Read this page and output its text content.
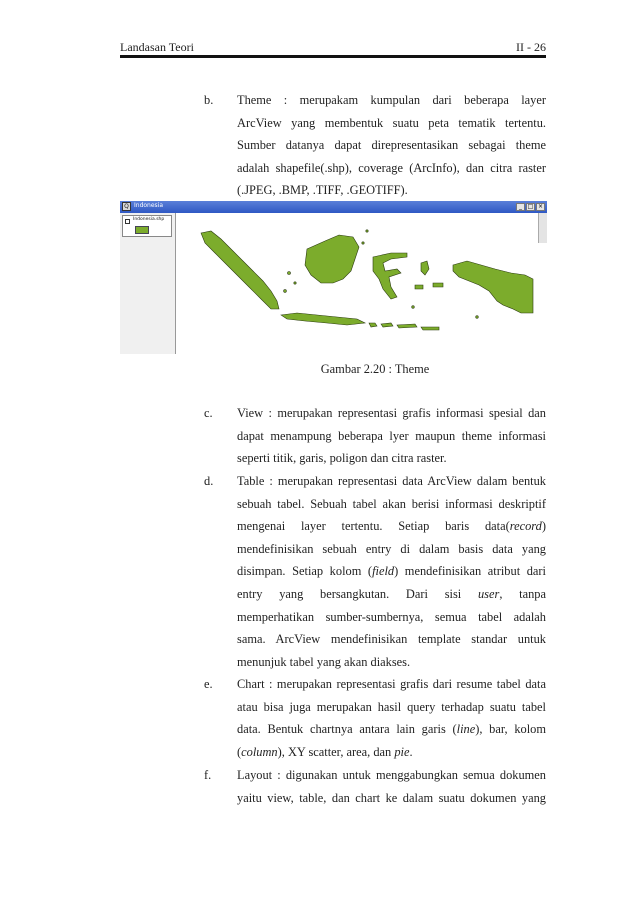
Landasan Teori	II - 26
b.	Theme : merupakam kumpulan dari beberapa layer
ArcView yang membentuk suatu peta tematik tertentu.
Sumber datanya dapat direpresentasikan sebagai theme
adalah shapefile(.shp), coverage (ArcInfo), dan citra raster
(.JPEG, .BMP, .TIFF, .GEOTIFF).
Q Indonesia	_ □ ×
Indonesia.shp
Gambar 2.20 : Theme
c.	View : merupakan representasi grafis informasi spesial dan
dapat menampung beberapa lyer maupun theme informasi
seperti titik, garis, poligon dan citra raster.
d.	Table : merupakan representasi data ArcView dalam bentuk
sebuah tabel. Sebuah tabel akan berisi informasi deskriptif
mengenai layer tertentu. Setiap baris data(record)
mendefinisikan sebuah entry di dalam basis data yang
disimpan. Setiap kolom (field) mendefinisikan atribut dari
entry yang bersangkutan. Dari sisi user, tanpa
memperhatikan sumber-sumbernya, semua tabel adalah
sama. ArcView mendefinisikan template standar untuk
menunjuk tabel yang akan diakses.
e.	Chart : merupakan representasi grafis dari resume tabel data
atau bisa juga merupakan hasil query terhadap suatu tabel
data. Bentuk chartnya antara lain garis (line), bar, kolom
(column), XY scatter, area, dan pie.
f.	Layout : digunakan untuk menggabungkan semua dokumen
yaitu view, table, dan chart ke dalam suatu dokumen yang
